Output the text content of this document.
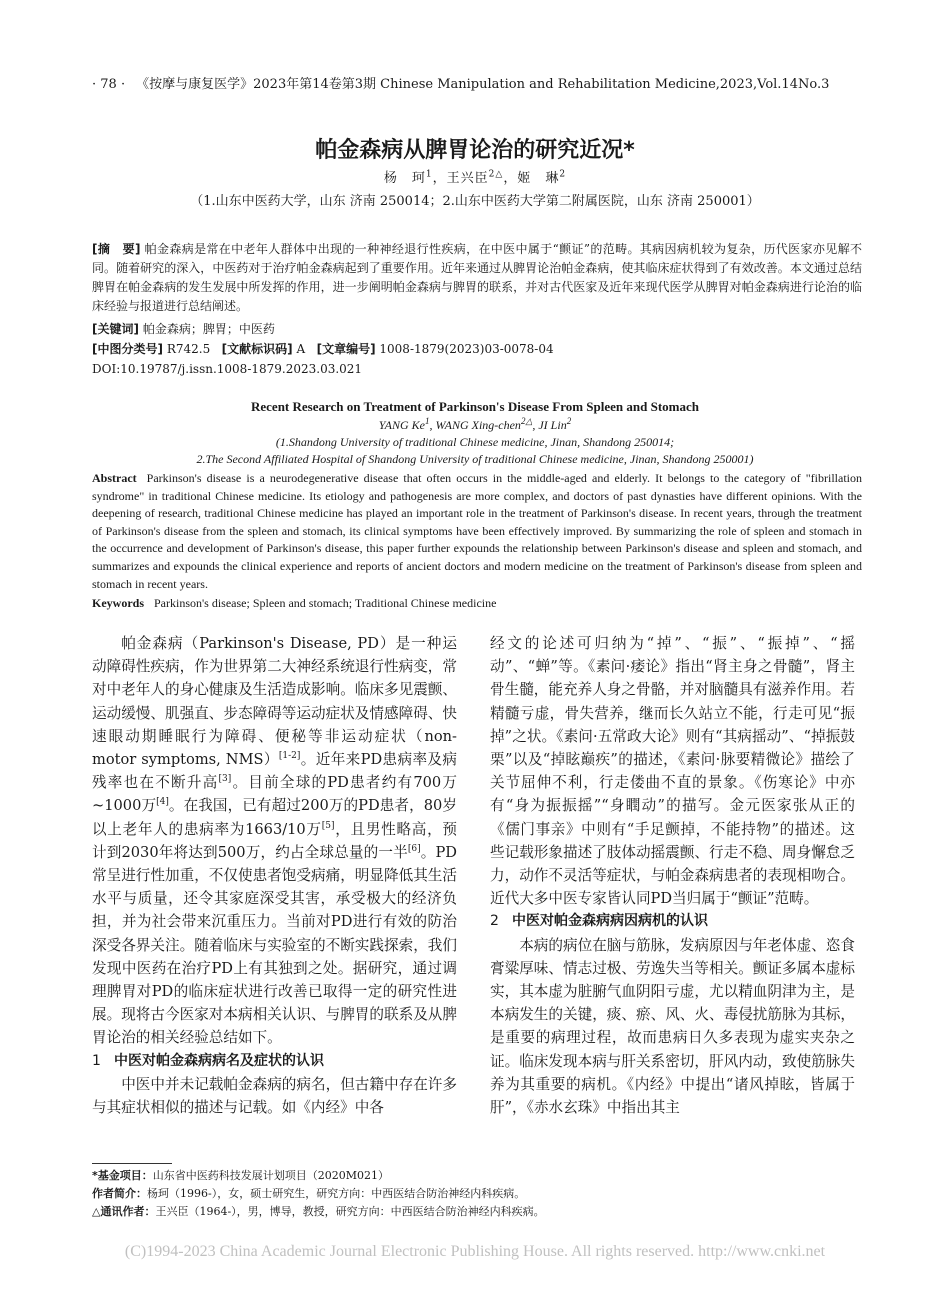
· 78 · 《按摩与康复医学》2023年第14卷第3期 Chinese Manipulation and Rehabilitation Medicine,2023,Vol.14No.3
帕金森病从脾胃论治的研究近况*
杨　珂$^1$，王兴臣$^{2\triangle}$，姬　琳$^2$
（1.山东中医药大学，山东 济南 250014；2.山东中医药大学第二附属医院，山东 济南 250001）
[摘　要] 帕金森病是常在中老年人群体中出现的一种神经退行性疾病，在中医中属于“颤证”的范畴。其病因病机较为复杂，历代医家亦见解不同。随着研究的深入，中医药对于治疗帕金森病起到了重要作用。近年来通过从脾胃论治帕金森病，使其临床症状得到了有效改善。本文通过总结脾胃在帕金森病的发生发展中所发挥的作用，进一步阐明帕金森病与脾胃的联系，并对古代医家及近年来现代医学从脾胃对帕金森病进行论治的临床经验与报道进行总结阐述。
[关键词] 帕金森病；脾胃；中医药
[中图分类号] R742.5 [文献标识码] A [文章编号] 1008-1879(2023)03-0078-04
DOI:10.19787/j.issn.1008-1879.2023.03.021
Recent Research on Treatment of Parkinson's Disease From Spleen and Stomach
YANG Ke$^1$, WANG Xing-chen$^{2\triangle}$, JI Lin$^2$
(1.Shandong University of traditional Chinese medicine, Jinan, Shandong 250014;
2.The Second Affiliated Hospital of Shandong University of traditional Chinese medicine, Jinan, Shandong 250001)
Abstract Parkinson's disease is a neurodegenerative disease that often occurs in the middle-aged and elderly. It belongs to the category of "fibrillation syndrome" in traditional Chinese medicine. Its etiology and pathogenesis are more complex, and doctors of past dynasties have different opinions. With the deepening of research, traditional Chinese medicine has played an important role in the treatment of Parkinson's disease. In recent years, through the treatment of Parkinson's disease from the spleen and stomach, its clinical symptoms have been effectively improved. By summarizing the role of spleen and stomach in the occurrence and development of Parkinson's disease, this paper further expounds the relationship between Parkinson's disease and spleen and stomach, and summarizes and expounds the clinical experience and reports of ancient doctors and modern medicine on the treatment of Parkinson's disease from spleen and stomach in recent years.
Keywords Parkinson's disease; Spleen and stomach; Traditional Chinese medicine

帕金森病（Parkinson's Disease, PD）是一种运动障碍性疾病，作为世界第二大神经系统退行性病变，常对中老年人的身心健康及生活造成影响。临床多见震颤、运动缓慢、肌强直、步态障碍等运动症状及情感障碍、快速眼动期睡眠行为障碍、便秘等非运动症状（non-motor symptoms, NMS）[1-2]。近年来PD患病率及病残率也在不断升高[3]。目前全球的PD患者约有700万~1000万[4]。在我国，已有超过200万的PD患者，80岁以上老年人的患病率为1663/10万[5]，且男性略高，预计到2030年将达到500万，约占全球总量的一半[6]。PD常呈进行性加重，不仅使患者饱受病痛，明显降低其生活水平与质量，还令其家庭深受其害，承受极大的经济负担，并为社会带来沉重压力。当前对PD进行有效的防治深受各界关注。随着临床与实验室的不断实践探索，我们发现中医药在治疗PD上有其独到之处。据研究，通过调理脾胃对PD的临床症状进行改善已取得一定的研究性进展。现将古今医家对本病相关认识、与脾胃的联系及从脾胃论治的相关经验总结如下。

1 中医对帕金森病病名及症状的认识

中医中并未记载帕金森病的病名，但古籍中存在许多与其症状相似的描述与记载。如《内经》中各

经文的论述可归纳为“掉”、“振”、“振掉”、“摇动”、“蝉”等。《素问·痿论》指出“肾主身之骨髓”，肾主骨生髓，能充养人身之骨骼，并对脑髓具有滋养作用。若精髓亏虚，骨失营养，继而长久站立不能，行走可见“振掉”之状。《素问·五常政大论》则有“其病摇动”、“掉振鼓栗”以及“掉眩巅疾”的描述，《素问·脉要精微论》描绘了关节屈伸不利，行走偻曲不直的景象。《伤寒论》中亦有“身为振振摇”“身瞤动”的描写。金元医家张从正的《儒门事亲》中则有“手足颤掉，不能持物”的描述。这些记载形象描述了肢体动摇震颤、行走不稳、周身懈怠乏力，动作不灵活等症状，与帕金森病患者的表现相吻合。近代大多中医专家皆认同PD当归属于“颤证”范畴。

2 中医对帕金森病病因病机的认识

本病的病位在脑与筋脉，发病原因与年老体虚、恣食膏粱厚味、情志过极、劳逸失当等相关。颤证多属本虚标实，其本虚为脏腑气血阴阳亏虚，尤以精血阴津为主，是本病发生的关键，痰、瘀、风、火、毒侵扰筋脉为其标，是重要的病理过程，故而患病日久多表现为虚实夹杂之证。临床发现本病与肝关系密切，肝风内动，致使筋脉失养为其重要的病机。《内经》中提出“诸风掉眩，皆属于肝”，《赤水玄珠》中指出其主

*基金项目：山东省中医药科技发展计划项目（2020M021）
作者简介：杨珂（1996-），女，硕士研究生，研究方向：中西医结合防治神经内科疾病。
△通讯作者：王兴臣（1964-），男，博导，教授，研究方向：中西医结合防治神经内科疾病。
(C)1994-2023 China Academic Journal Electronic Publishing House. All rights reserved. http://www.cnki.net
